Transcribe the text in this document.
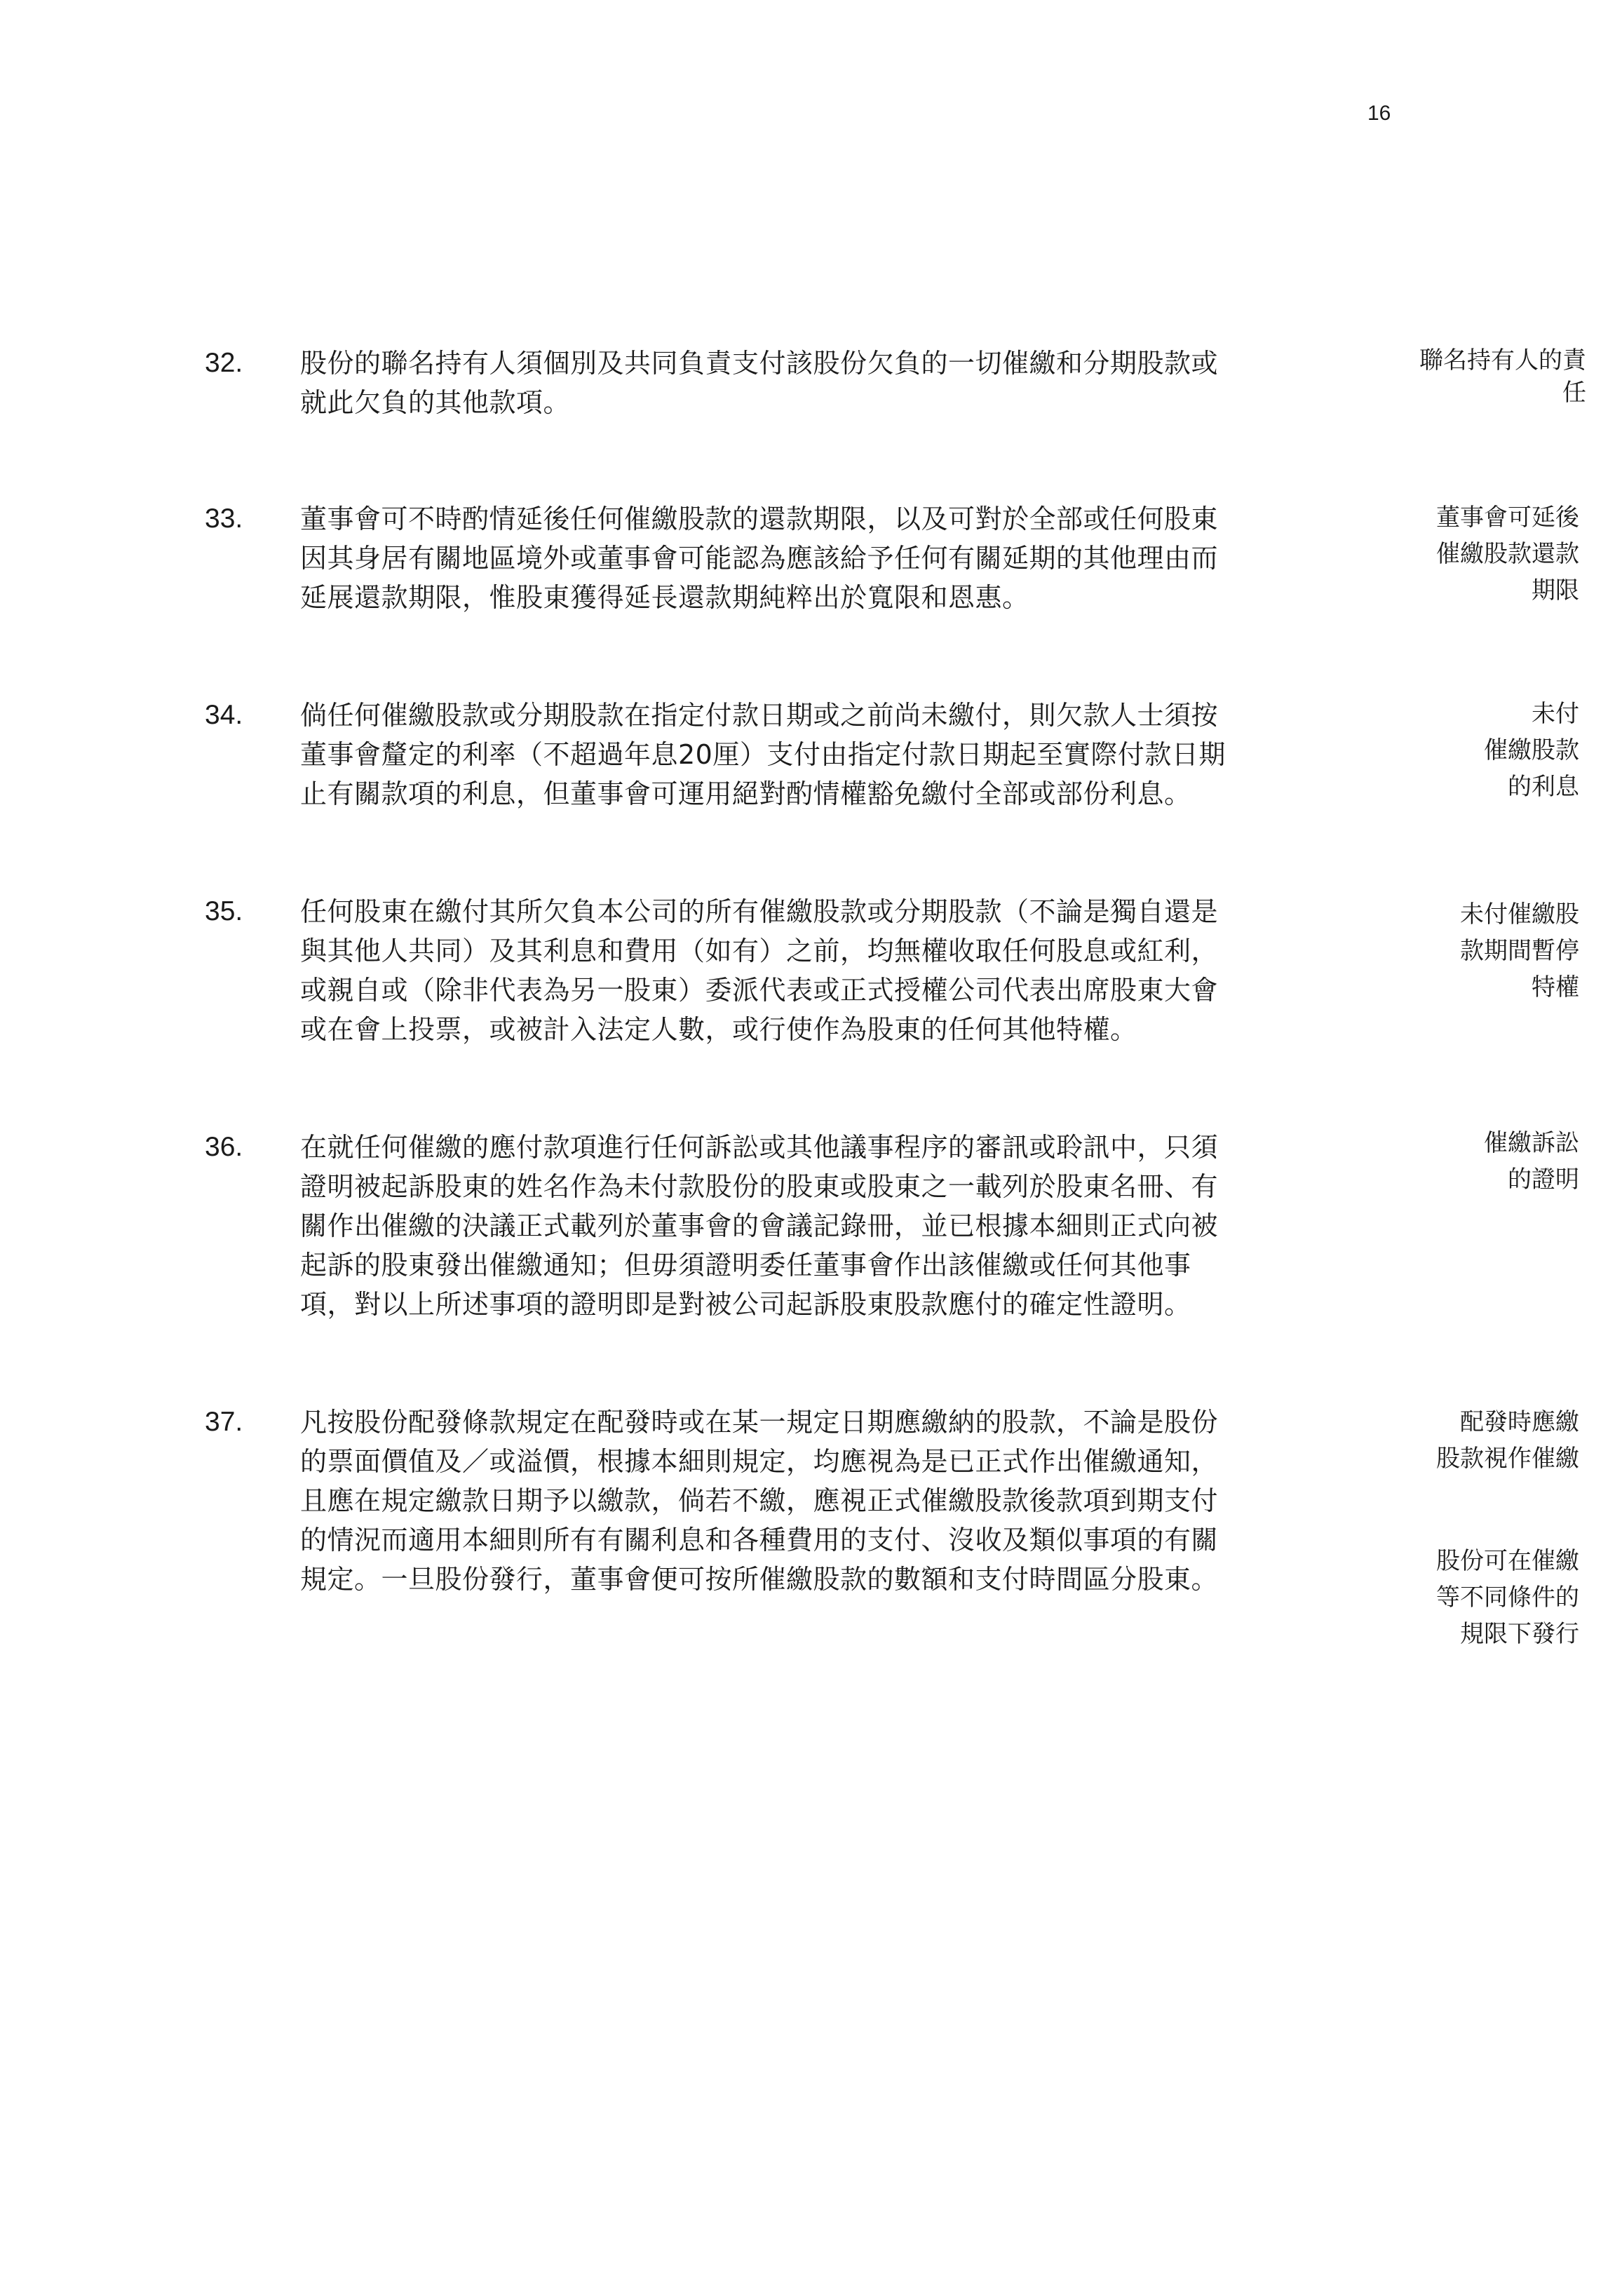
16
32. 股份的聯名持有人須個別及共同負責支付該股份欠負的一切催繳和分期股款或
就此欠負的其他款項。
聯名持有人的責
任
33. 董事會可不時酌情延後任何催繳股款的還款期限，以及可對於全部或任何股東
因其身居有關地區境外或董事會可能認為應該給予任何有關延期的其他理由而
延展還款期限，惟股東獲得延長還款期純粹出於寬限和恩惠。
董事會可延後
催繳股款還款
期限
34. 倘任何催繳股款或分期股款在指定付款日期或之前尚未繳付，則欠款人士須按
董事會釐定的利率（不超過年息20厘）支付由指定付款日期起至實際付款日期
止有關款項的利息，但董事會可運用絕對酌情權豁免繳付全部或部份利息。
未付
催繳股款
的利息
35. 任何股東在繳付其所欠負本公司的所有催繳股款或分期股款（不論是獨自還是
與其他人共同）及其利息和費用（如有）之前，均無權收取任何股息或紅利，
或親自或（除非代表為另一股東）委派代表或正式授權公司代表出席股東大會
或在會上投票，或被計入法定人數，或行使作為股東的任何其他特權。
未付催繳股
款期間暫停
特權
36. 在就任何催繳的應付款項進行任何訴訟或其他議事程序的審訊或聆訊中，只須
證明被起訴股東的姓名作為未付款股份的股東或股東之一載列於股東名冊、有
關作出催繳的決議正式載列於董事會的會議記錄冊，並已根據本細則正式向被
起訴的股東發出催繳通知；但毋須證明委任董事會作出該催繳或任何其他事
項，對以上所述事項的證明即是對被公司起訴股東股款應付的確定性證明。
催繳訴訟
的證明
37. 凡按股份配發條款規定在配發時或在某一規定日期應繳納的股款，不論是股份
的票面價值及／或溢價，根據本細則規定，均應視為是已正式作出催繳通知，
且應在規定繳款日期予以繳款，倘若不繳，應視正式催繳股款後款項到期支付
的情況而適用本細則所有有關利息和各種費用的支付、沒收及類似事項的有關
規定。一旦股份發行，董事會便可按所催繳股款的數額和支付時間區分股東。
配發時應繳
股款視作催繳
股份可在催繳
等不同條件的
規限下發行
